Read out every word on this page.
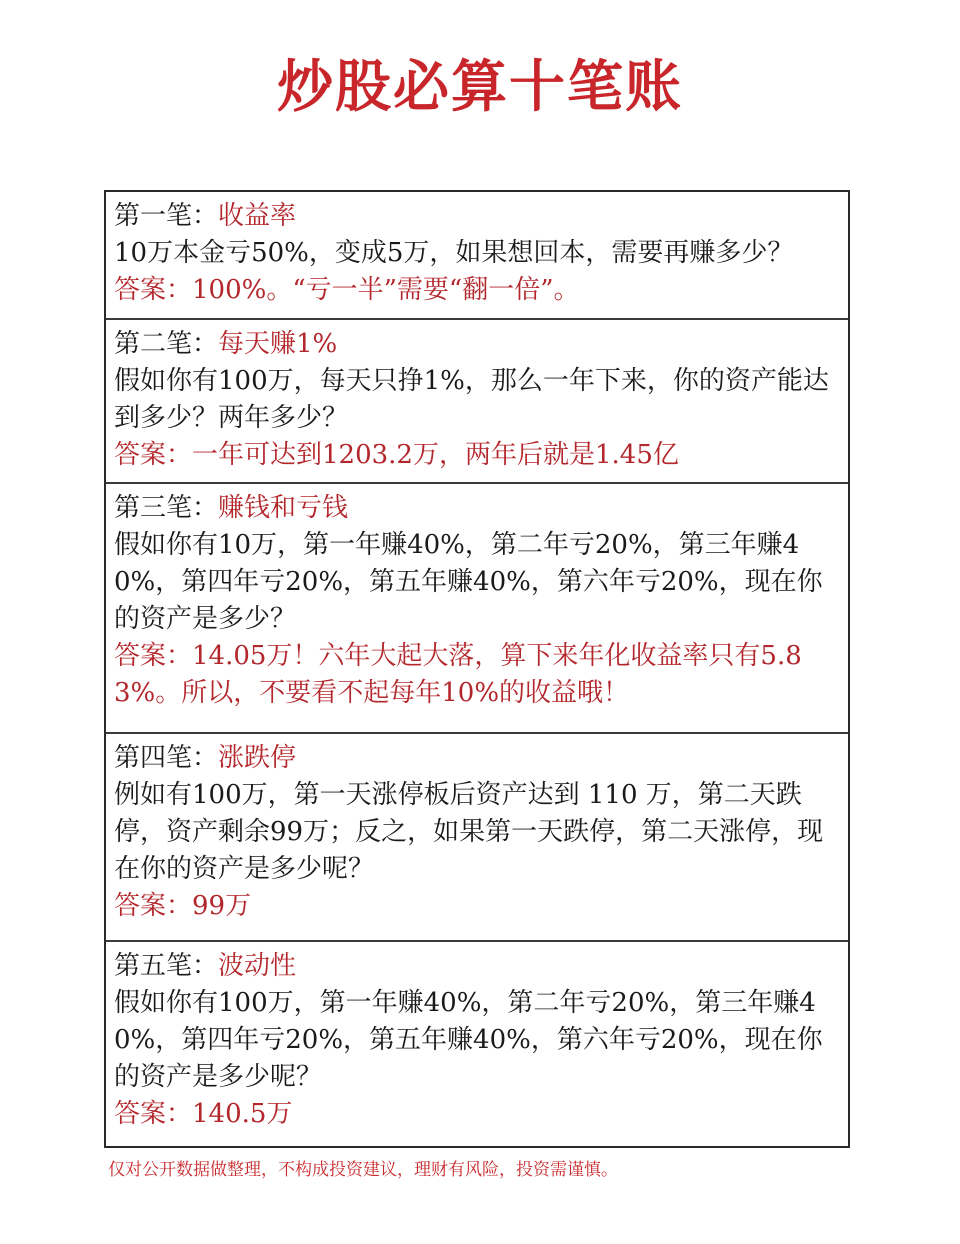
炒股必算十笔账

第一笔：收益率

10万本金亏50%，变成5万，如果想回本，需要再赚多少？

答案：100%。“亏一半”需要“翻一倍”。

第二笔：每天赚1%

假如你有100万，每天只挣1%，那么一年下来，你的资产能达到多少？两年多少？

答案：一年可达到1203.2万，两年后就是1.45亿

第三笔：赚钱和亏钱

假如你有10万，第一年赚40%，第二年亏20%，第三年赚40%，第四年亏20%，第五年赚40%，第六年亏20%，现在你的资产是多少？

答案：14.05万！六年大起大落，算下来年化收益率只有5.83%。所以，不要看不起每年10%的收益哦！

第四笔：涨跌停

例如有100万，第一天涨停板后资产达到 110 万，第二天跌停，资产剩余99万；反之，如果第一天跌停，第二天涨停，现在你的资产是多少呢？

答案：99万

第五笔：波动性

假如你有100万，第一年赚40%，第二年亏20%，第三年赚40%，第四年亏20%，第五年赚40%，第六年亏20%，现在你的资产是多少呢？

答案：140.5万

仅对公开数据做整理，不构成投资建议，理财有风险，投资需谨慎。
